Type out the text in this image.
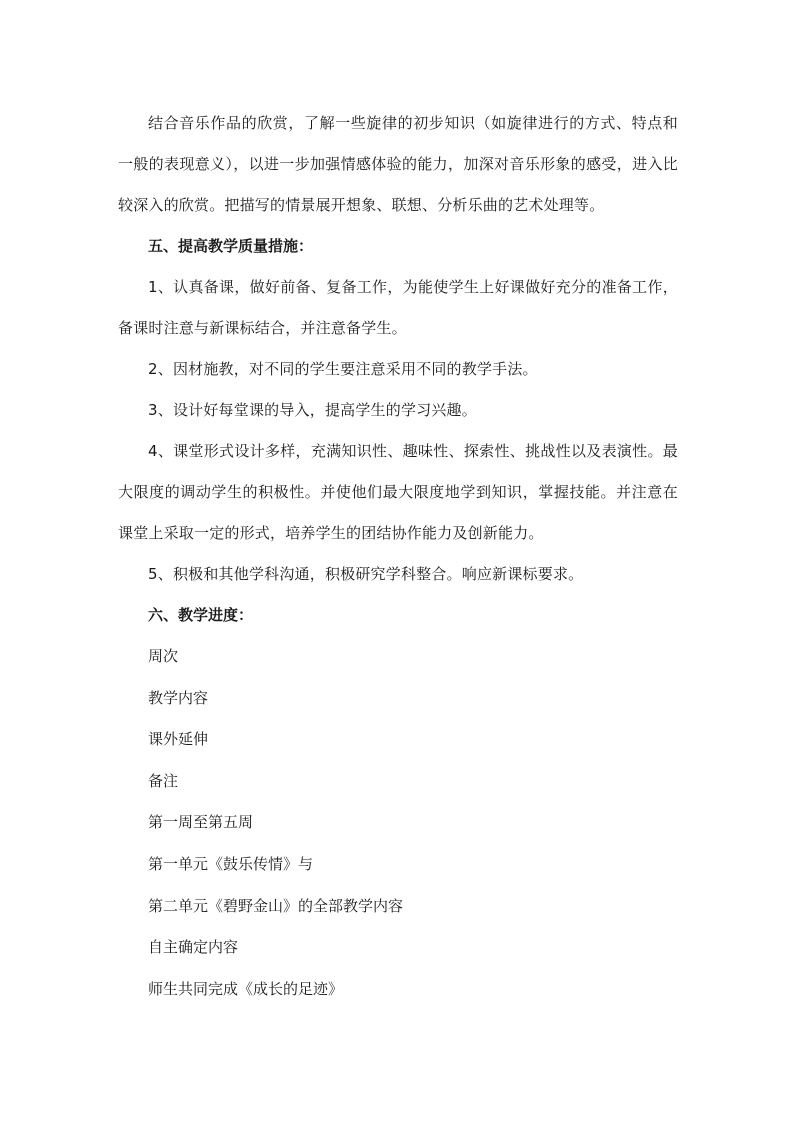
结合音乐作品的欣赏，了解一些旋律的初步知识（如旋律进行的方式、特点和一般的表现意义），以进一步加强情感体验的能力，加深对音乐形象的感受，进入比较深入的欣赏。把描写的情景展开想象、联想、分析乐曲的艺术处理等。

五、提高教学质量措施：

1、认真备课，做好前备、复备工作，为能使学生上好课做好充分的准备工作，备课时注意与新课标结合，并注意备学生。

2、因材施教，对不同的学生要注意采用不同的教学手法。

3、设计好每堂课的导入，提高学生的学习兴趣。

4、课堂形式设计多样，充满知识性、趣味性、探索性、挑战性以及表演性。最大限度的调动学生的积极性。并使他们最大限度地学到知识，掌握技能。并注意在课堂上采取一定的形式，培养学生的团结协作能力及创新能力。

5、积极和其他学科沟通，积极研究学科整合。响应新课标要求。

六、教学进度：

周次

教学内容

课外延伸

备注

第一周至第五周

第一单元《鼓乐传情》与

第二单元《碧野金山》的全部教学内容

自主确定内容

师生共同完成《成长的足迹》
